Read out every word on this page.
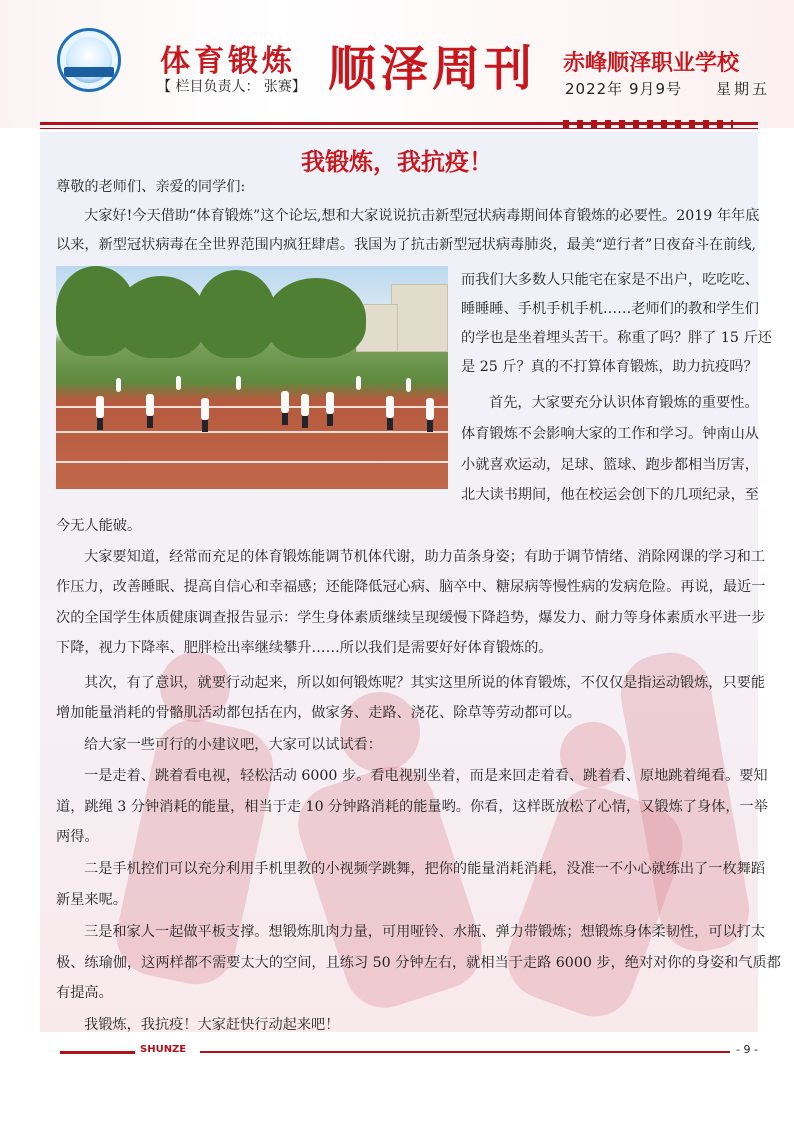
体育锻炼
【 栏目负责人： 张赛】 顺泽周刊 赤峰顺泽职业学校
2022年 9月9号 星期五
我锻炼，我抗疫！
尊敬的老师们、亲爱的同学们:
大家好!今天借助“体育锻炼”这个论坛,想和大家说说抗击新型冠状病毒期间体育锻炼的必要性。2019 年年底
以来，新型冠状病毒在全世界范围内疯狂肆虐。我国为了抗击新型冠状病毒肺炎，最美“逆行者”日夜奋斗在前线,
而我们大多数人只能宅在家是不出户，吃吃吃、
睡睡睡、手机手机手机……老师们的教和学生们
的学也是坐着埋头苦干。称重了吗？胖了 15 斤还
是 25 斤？真的不打算体育锻炼，助力抗疫吗？
首先，大家要充分认识体育锻炼的重要性。
体育锻炼不会影响大家的工作和学习。钟南山从
小就喜欢运动，足球、篮球、跑步都相当厉害，
北大读书期间，他在校运会创下的几项纪录，至
今无人能破。
大家要知道，经常而充足的体育锻炼能调节机体代谢，助力苗条身姿；有助于调节情绪、消除网课的学习和工
作压力，改善睡眠、提高自信心和幸福感；还能降低冠心病、脑卒中、糖尿病等慢性病的发病危险。再说，最近一
次的全国学生体质健康调查报告显示：学生身体素质继续呈现缓慢下降趋势，爆发力、耐力等身体素质水平进一步
下降，视力下降率、肥胖检出率继续攀升……所以我们是需要好好体育锻炼的。
其次，有了意识，就要行动起来，所以如何锻炼呢？其实这里所说的体育锻炼，不仅仅是指运动锻炼，只要能
增加能量消耗的骨骼肌活动都包括在内，做家务、走路、浇花、除草等劳动都可以。
给大家一些可行的小建议吧，大家可以试试看：
一是走着、跳着看电视，轻松活动 6000 步。看电视别坐着，而是来回走着看、跳着看、原地跳着绳看。要知
道，跳绳 3 分钟消耗的能量，相当于走 10 分钟路消耗的能量哟。你看，这样既放松了心情，又锻炼了身体，一举
两得。
二是手机控们可以充分利用手机里教的小视频学跳舞，把你的能量消耗消耗，没准一不小心就练出了一枚舞蹈
新星来呢。
三是和家人一起做平板支撑。想锻炼肌肉力量，可用哑铃、水瓶、弹力带锻炼；想锻炼身体柔韧性，可以打太
极、练瑜伽，这两样都不需要太大的空间，且练习 50 分钟左右，就相当于走路 6000 步，绝对对你的身姿和气质都
有提高。
我锻炼，我抗疫！大家赶快行动起来吧！
SHUNZE	- 9 -
